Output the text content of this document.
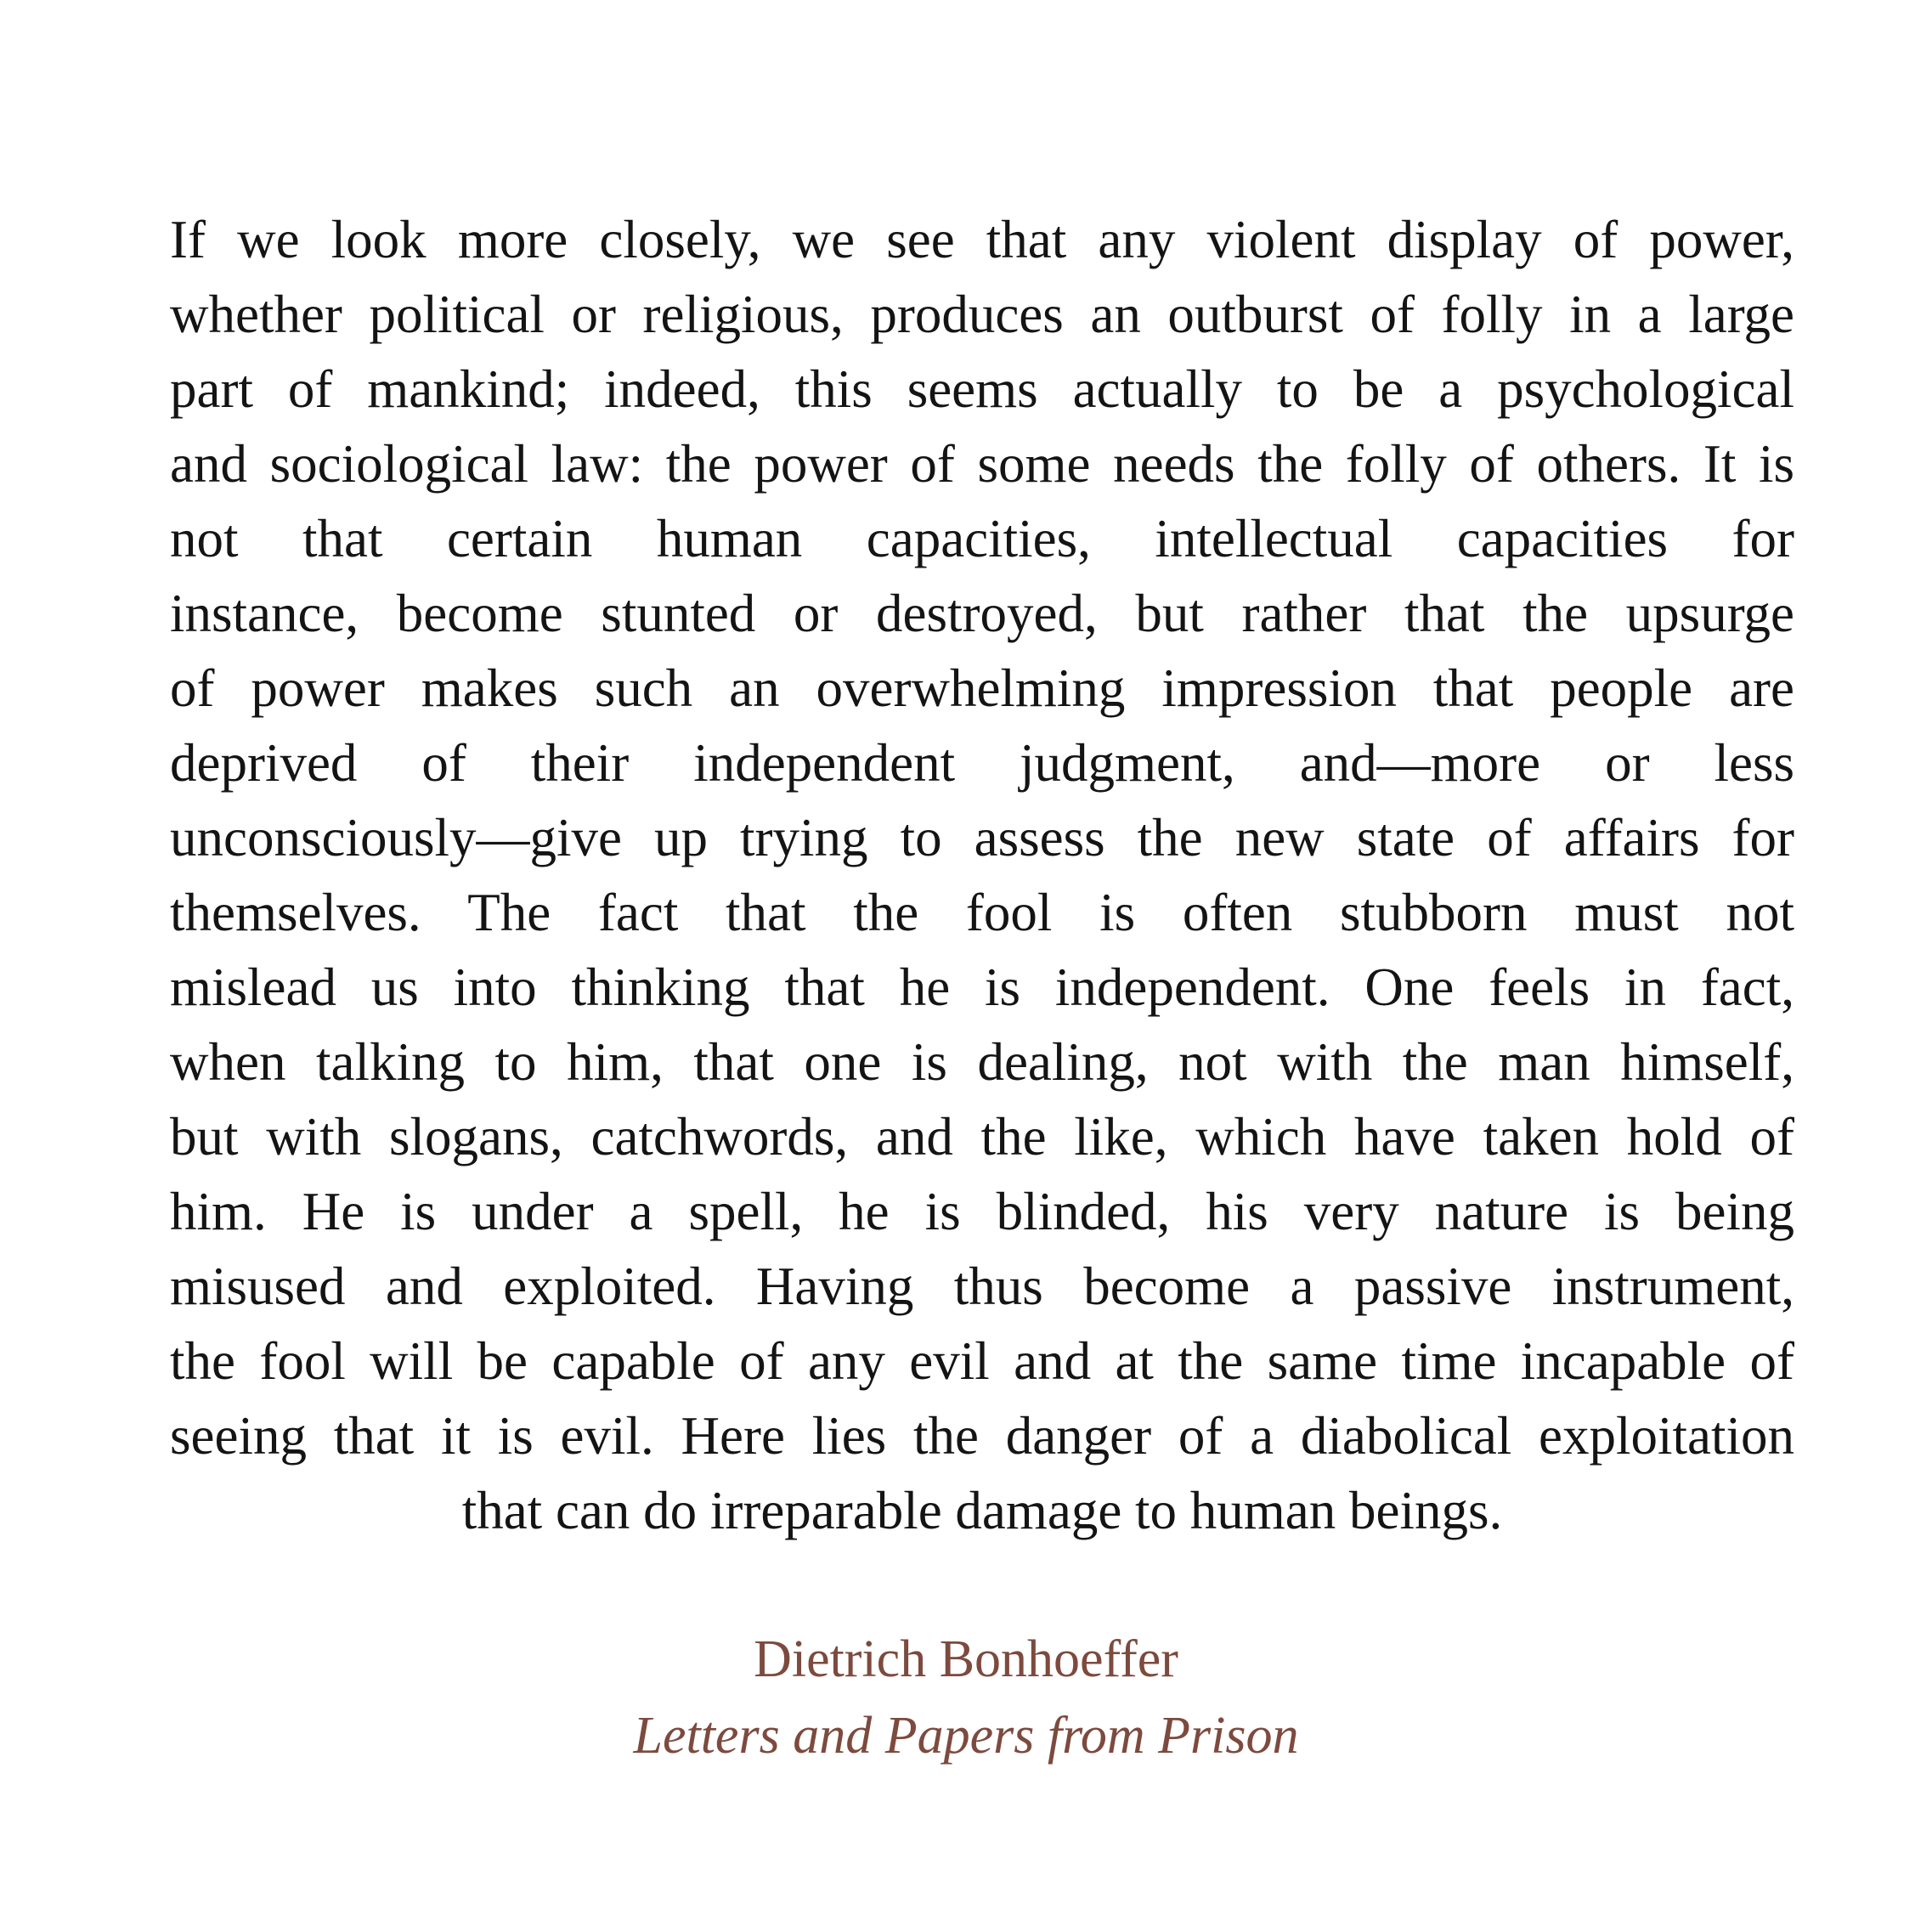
If we look more closely, we see that any violent display of power,
whether political or religious, produces an outburst of folly in a large
part of mankind; indeed, this seems actually to be a psychological
and sociological law: the power of some needs the folly of others. It is
not that certain human capacities, intellectual capacities for
instance, become stunted or destroyed, but rather that the upsurge
of power makes such an overwhelming impression that people are
deprived of their independent judgment, and—more or less
unconsciously—give up trying to assess the new state of affairs for
themselves. The fact that the fool is often stubborn must not
mislead us into thinking that he is independent. One feels in fact,
when talking to him, that one is dealing, not with the man himself,
but with slogans, catchwords, and the like, which have taken hold of
him. He is under a spell, he is blinded, his very nature is being
misused and exploited. Having thus become a passive instrument,
the fool will be capable of any evil and at the same time incapable of
seeing that it is evil. Here lies the danger of a diabolical exploitation
that can do irreparable damage to human beings.
Dietrich Bonhoeffer
Letters and Papers from Prison
